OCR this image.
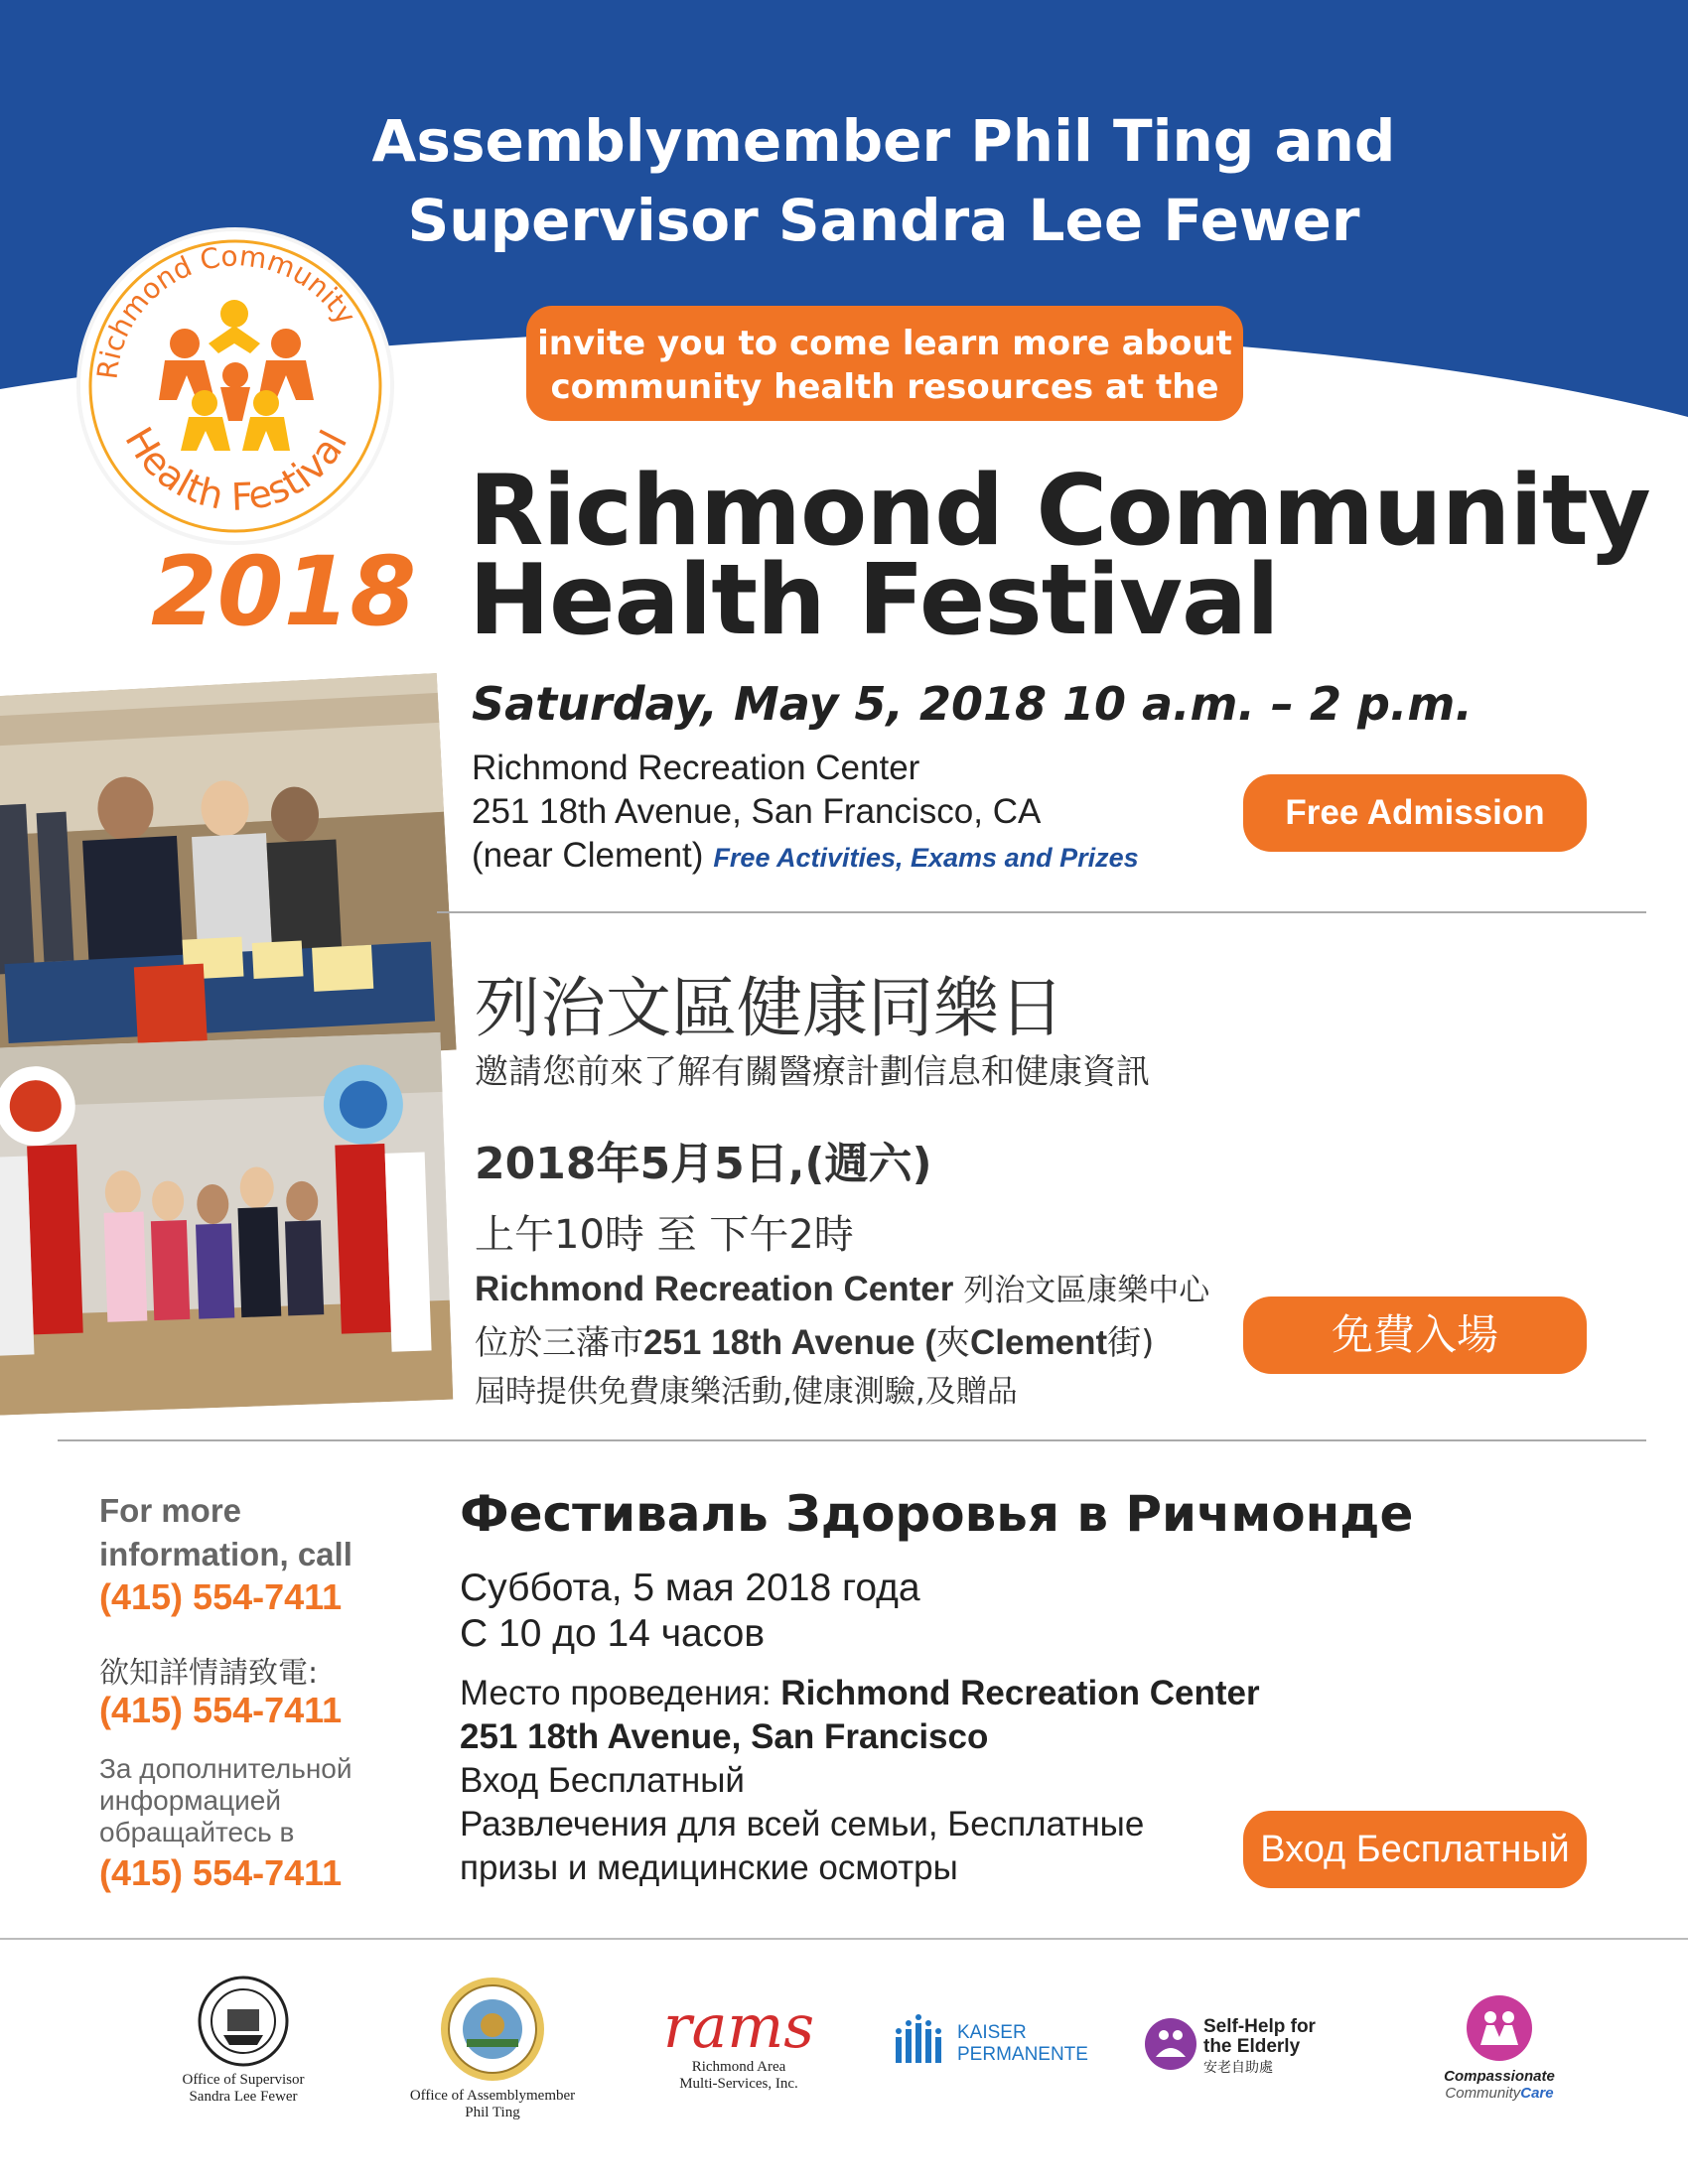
Assemblymember Phil Ting and
Supervisor Sandra Lee Fewer
invite you to come learn more about
community health resources at the
Richmond Community
Health Festival
2018
Richmond Community
Health Festival
Saturday, May 5, 2018 10 a.m. – 2 p.m.
Richmond Recreation Center
251 18th Avenue, San Francisco, CA
(near Clement) Free Activities, Exams and Prizes
Free Admission
列治文區健康同樂日
邀請您前來了解有關醫療計劃信息和健康資訊
2018年5月5日,(週六)
上午10時 至 下午2時
Richmond Recreation Center 列治文區康樂中心
位於三藩市251 18th Avenue (夾Clement街)
屆時提供免費康樂活動,健康測驗,及贈品
免費入場
For more
information, call
(415) 554-7411
欲知詳情請致電:
(415) 554-7411
За дополнительной
информацией
обращайтесь в
(415) 554-7411
Фестиваль Здоровья в Ричмонде
Суббота, 5 мая 2018 года
С 10 до 14 часов
Место проведения: Richmond Recreation Center
251 18th Avenue, San Francisco
Вход Бесплатный
Развлечения для всей семьи, Бесплатные
призы и медицинские осмотры	Вход Бесплатный
Office of Supervisor
Sandra Lee Fewer	Office of Assemblymember
Phil Ting
rams
Richmond Area
Multi-Services, Inc.
KAISER
PERMANENTE
Self-Help for
the Elderly
安老自助處	Compassionate
CommunityCare
